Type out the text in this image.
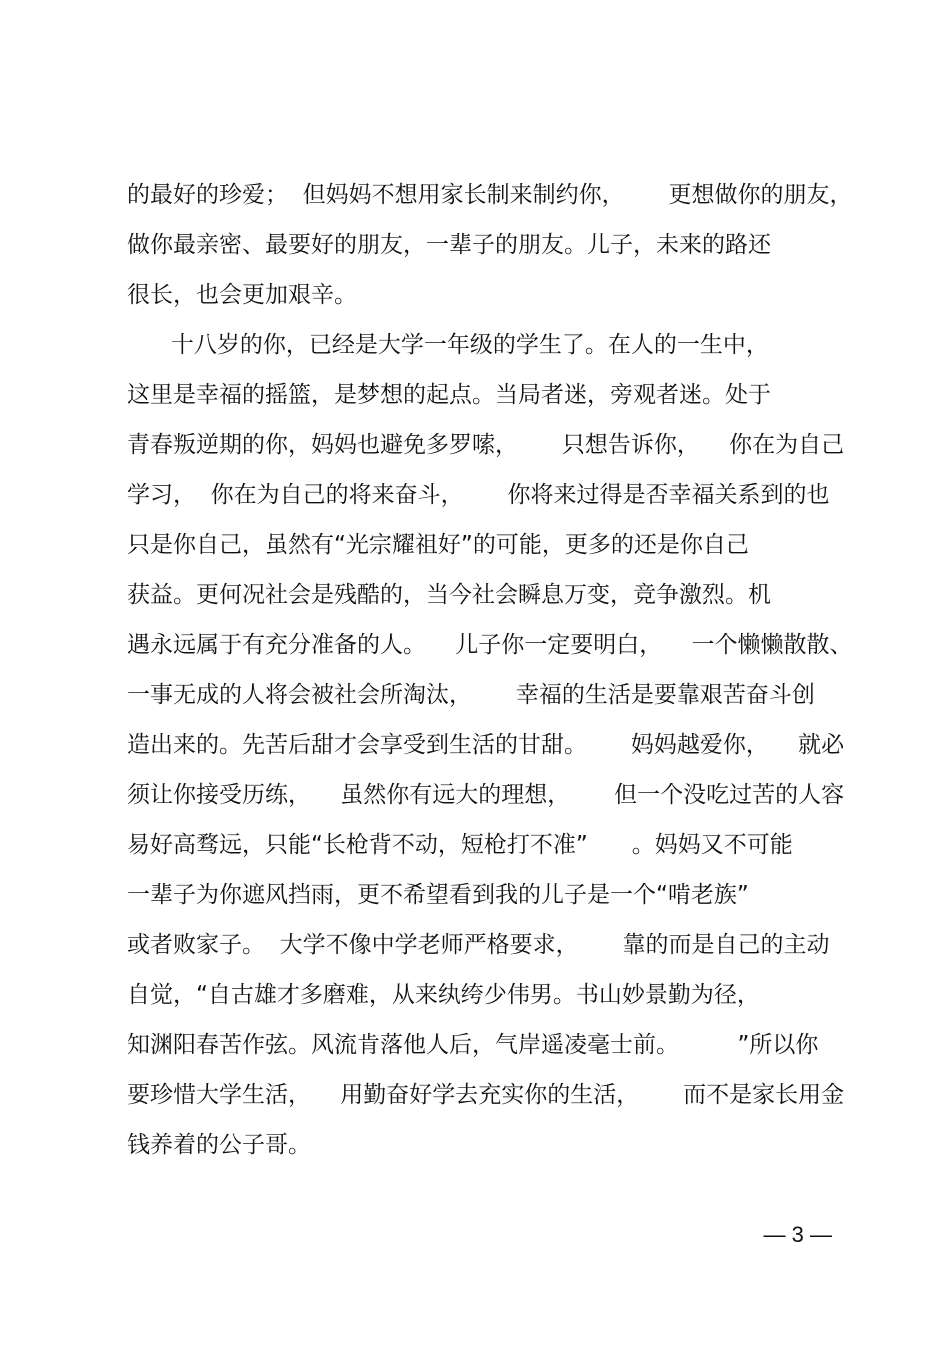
的最好的珍爱；  但妈妈不想用家长制来制约你，      更想做你的朋友，
做你最亲密、最要好的朋友，一辈子的朋友。儿子，未来的路还
很长，也会更加艰辛。
十八岁的你，已经是大学一年级的学生了。在人的一生中，
这里是幸福的摇篮，是梦想的起点。当局者迷，旁观者迷。处于
青春叛逆期的你，妈妈也避免多罗嗦，      只想告诉你，    你在为自己
学习，  你在为自己的将来奋斗，      你将来过得是否幸福关系到的也
只是你自己，虽然有“光宗耀祖好”的可能，更多的还是你自己
获益。更何况社会是残酷的，当今社会瞬息万变，竞争激烈。机
遇永远属于有充分准备的人。    儿子你一定要明白，    一个懒懒散散、
一事无成的人将会被社会所淘汰，      幸福的生活是要靠艰苦奋斗创
造出来的。先苦后甜才会享受到生活的甘甜。      妈妈越爱你，    就必
须让你接受历练，    虽然你有远大的理想，      但一个没吃过苦的人容
易好高骛远，只能“长枪背不动，短枪打不准”      。妈妈又不可能
一辈子为你遮风挡雨，更不希望看到我的儿子是一个“啃老族”
或者败家子。  大学不像中学老师严格要求，      靠的而是自己的主动
自觉，“自古雄才多磨难，从来纨绔少伟男。书山妙景勤为径，
知渊阳春苦作弦。风流肯落他人后，气岸遥凌毫士前。        ”所以你
要珍惜大学生活，    用勤奋好学去充实你的生活，      而不是家长用金
钱养着的公子哥。
— 3 —
